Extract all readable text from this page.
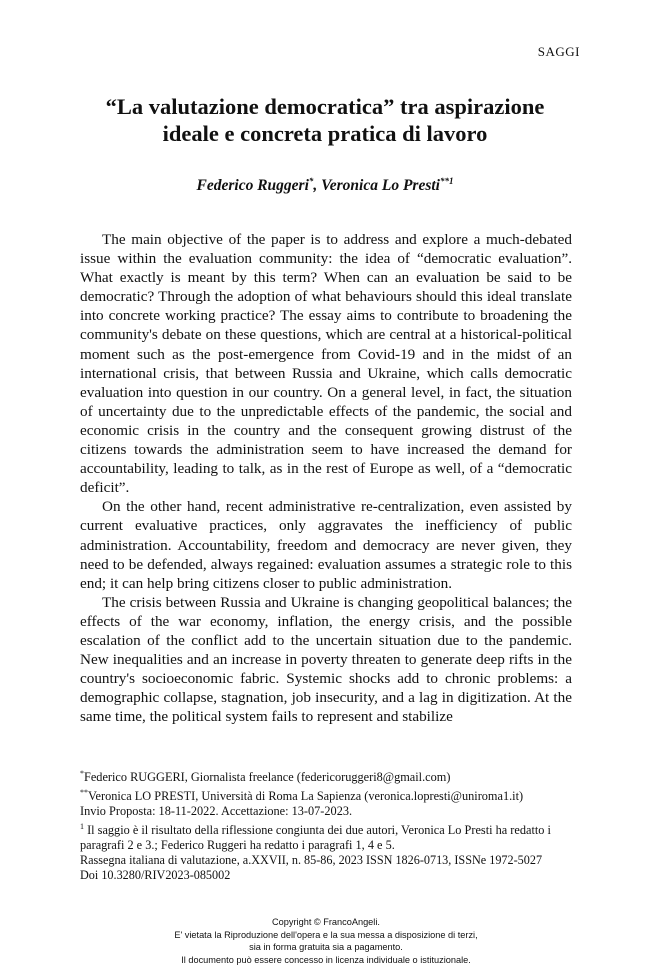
SAGGI
“La valutazione democratica” tra aspirazione
ideale e concreta pratica di lavoro
Federico Ruggeri*, Veronica Lo Presti$^{**1}$

The main objective of the paper is to address and explore a much-debated issue within the evaluation community: the idea of “democratic evaluation”. What exactly is meant by this term? When can an evaluation be said to be democratic? Through the adoption of what behaviours should this ideal translate into concrete working practice? The essay aims to contribute to broadening the community's debate on these questions, which are central at a historical-political moment such as the post-emergence from Covid-19 and in the midst of an international crisis, that between Russia and Ukraine, which calls democratic evaluation into question in our country. On a general level, in fact, the situation of uncertainty due to the unpredictable effects of the pandemic, the social and economic crisis in the country and the consequent growing distrust of the citizens towards the administration seem to have increased the demand for accountability, leading to talk, as in the rest of Europe as well, of a “democratic deficit”.

On the other hand, recent administrative re-centralization, even assisted by current evaluative practices, only aggravates the inefficiency of public administration. Accountability, freedom and democracy are never given, they need to be defended, always regained: evaluation assumes a strategic role to this end; it can help bring citizens closer to public administration.

The crisis between Russia and Ukraine is changing geopolitical balances; the effects of the war economy, inflation, the energy crisis, and the possible escalation of the conflict add to the uncertain situation due to the pandemic. New inequalities and an increase in poverty threaten to generate deep rifts in the country's socioeconomic fabric. Systemic shocks add to chronic problems: a demographic collapse, stagnation, job insecurity, and a lag in digitization. At the same time, the political system fails to represent and stabilize

*Federico RUGGERI, Giornalista freelance (federicoruggeri8@gmail.com)
**Veronica LO PRESTI, Università di Roma La Sapienza (veronica.lopresti@uniroma1.it)
Invio Proposta: 18-11-2022. Accettazione: 13-07-2023.
$^1$ Il saggio è il risultato della riflessione congiunta dei due autori, Veronica Lo Presti ha redatto i paragrafi 2 e 3.; Federico Ruggeri ha redatto i paragrafi 1, 4 e 5.
Rassegna italiana di valutazione, a.XXVII, n. 85-86, 2023 ISSN 1826-0713, ISSNe 1972-5027
Doi 10.3280/RIV2023-085002
Copyright © FrancoAngeli.
E' vietata la Riproduzione dell'opera e la sua messa a disposizione di terzi,
sia in forma gratuita sia a pagamento.
Il documento può essere concesso in licenza individuale o istituzionale.
